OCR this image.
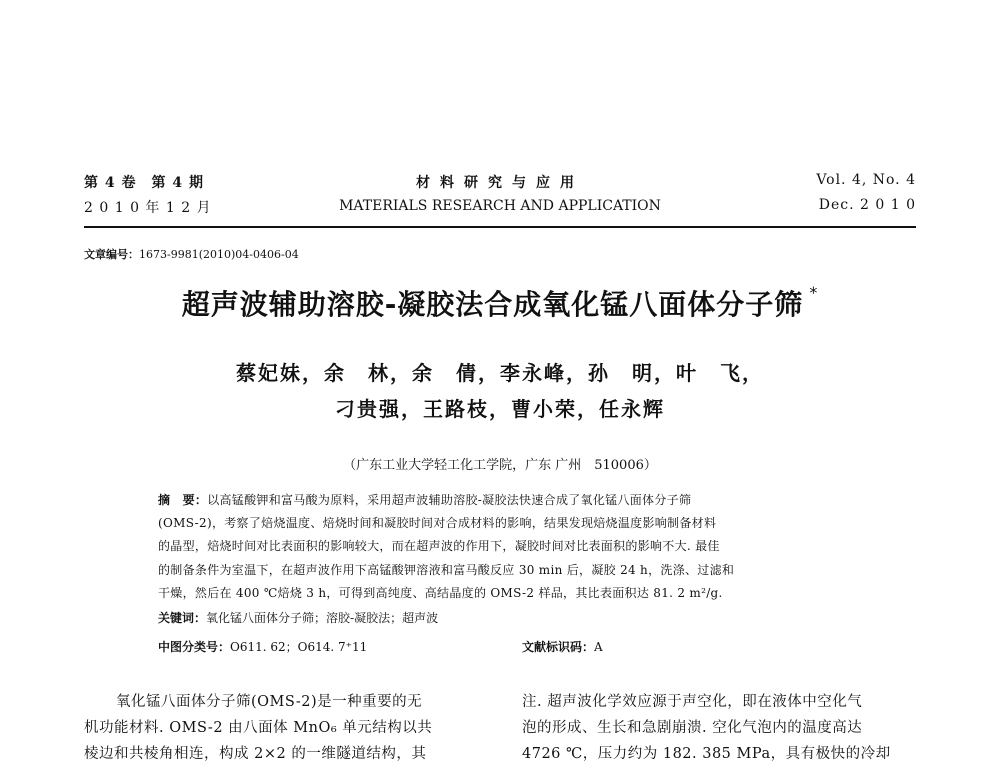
第 4 卷　第 4 期
2 0 1 0 年 1 2 月
材料研究与应用
MATERIALS RESEARCH AND APPLICATION
Vol. 4, No. 4
Dec. 2 0 1 0
文章编号：1673-9981(2010)04-0406-04
超声波辅助溶胶-凝胶法合成氧化锰八面体分子筛 *
蔡妃妹，余　林，余　倩，李永峰，孙　明，叶　飞，
刁贵强，王路枝，曹小荣，任永辉
（广东工业大学轻工化工学院，广东 广州　510006）
摘　要：以高锰酸钾和富马酸为原料，采用超声波辅助溶胶-凝胶法快速合成了氧化锰八面体分子筛
(OMS-2)，考察了焙烧温度、焙烧时间和凝胶时间对合成材料的影响，结果发现焙烧温度影响制备材料
的晶型，焙烧时间对比表面积的影响较大，而在超声波的作用下，凝胶时间对比表面积的影响不大. 最佳
的制备条件为室温下，在超声波作用下高锰酸钾溶液和富马酸反应 30 min 后，凝胶 24 h，洗涤、过滤和
干燥，然后在 400 ℃焙烧 3 h，可得到高纯度、高结晶度的 OMS-2 样品，其比表面积达 81. 2 m²/g.
关键词：氧化锰八面体分子筛；溶胶-凝胶法；超声波
中图分类号：O611. 62；O614. 7⁺11	文献标识码：A
氧化锰八面体分子筛(OMS-2)是一种重要的无
机功能材料. OMS-2 由八面体 MnO₆ 单元结构以共
棱边和共棱角相连，构成 2×2 的一维隧道结构，其
注. 超声波化学效应源于声空化，即在液体中空化气
泡的形成、生长和急剧崩溃. 空化气泡内的温度高达
4726 ℃，压力约为 182. 385 MPa，具有极快的冷却
